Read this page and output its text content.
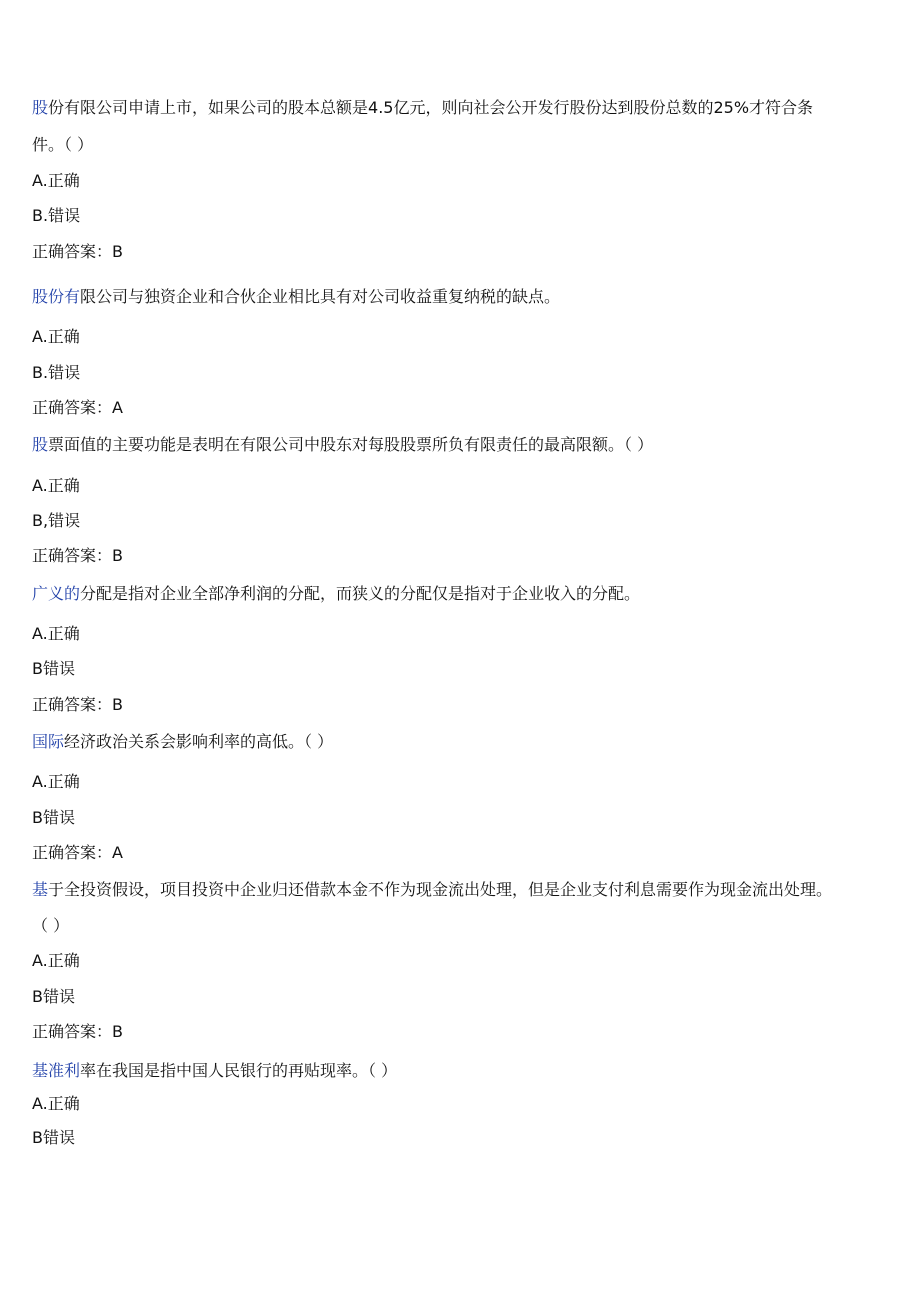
股份有限公司申请上市，如果公司的股本总额是4.5亿元，则向社会公开发行股份达到股份总数的25%才符合条
件。（ ）
A.正确
B.错误
正确答案：B
股份有限公司与独资企业和合伙企业相比具有对公司收益重复纳税的缺点。
A.正确
B.错误
正确答案：A
股票面值的主要功能是表明在有限公司中股东对每股股票所负有限责任的最高限额。（ ）
A.正确
B,错误
正确答案：B
广义的分配是指对企业全部净利润的分配，而狭义的分配仅是指对于企业收入的分配。
A.正确
B错误
正确答案：B
国际经济政治关系会影响利率的高低。（ ）
A.正确
B错误
正确答案：A
基于全投资假设，项目投资中企业归还借款本金不作为现金流出处理，但是企业支付利息需要作为现金流出处理。
（ ）
A.正确
B错误
正确答案：B
基准利率在我国是指中国人民银行的再贴现率。（ ）
A.正确
B错误
